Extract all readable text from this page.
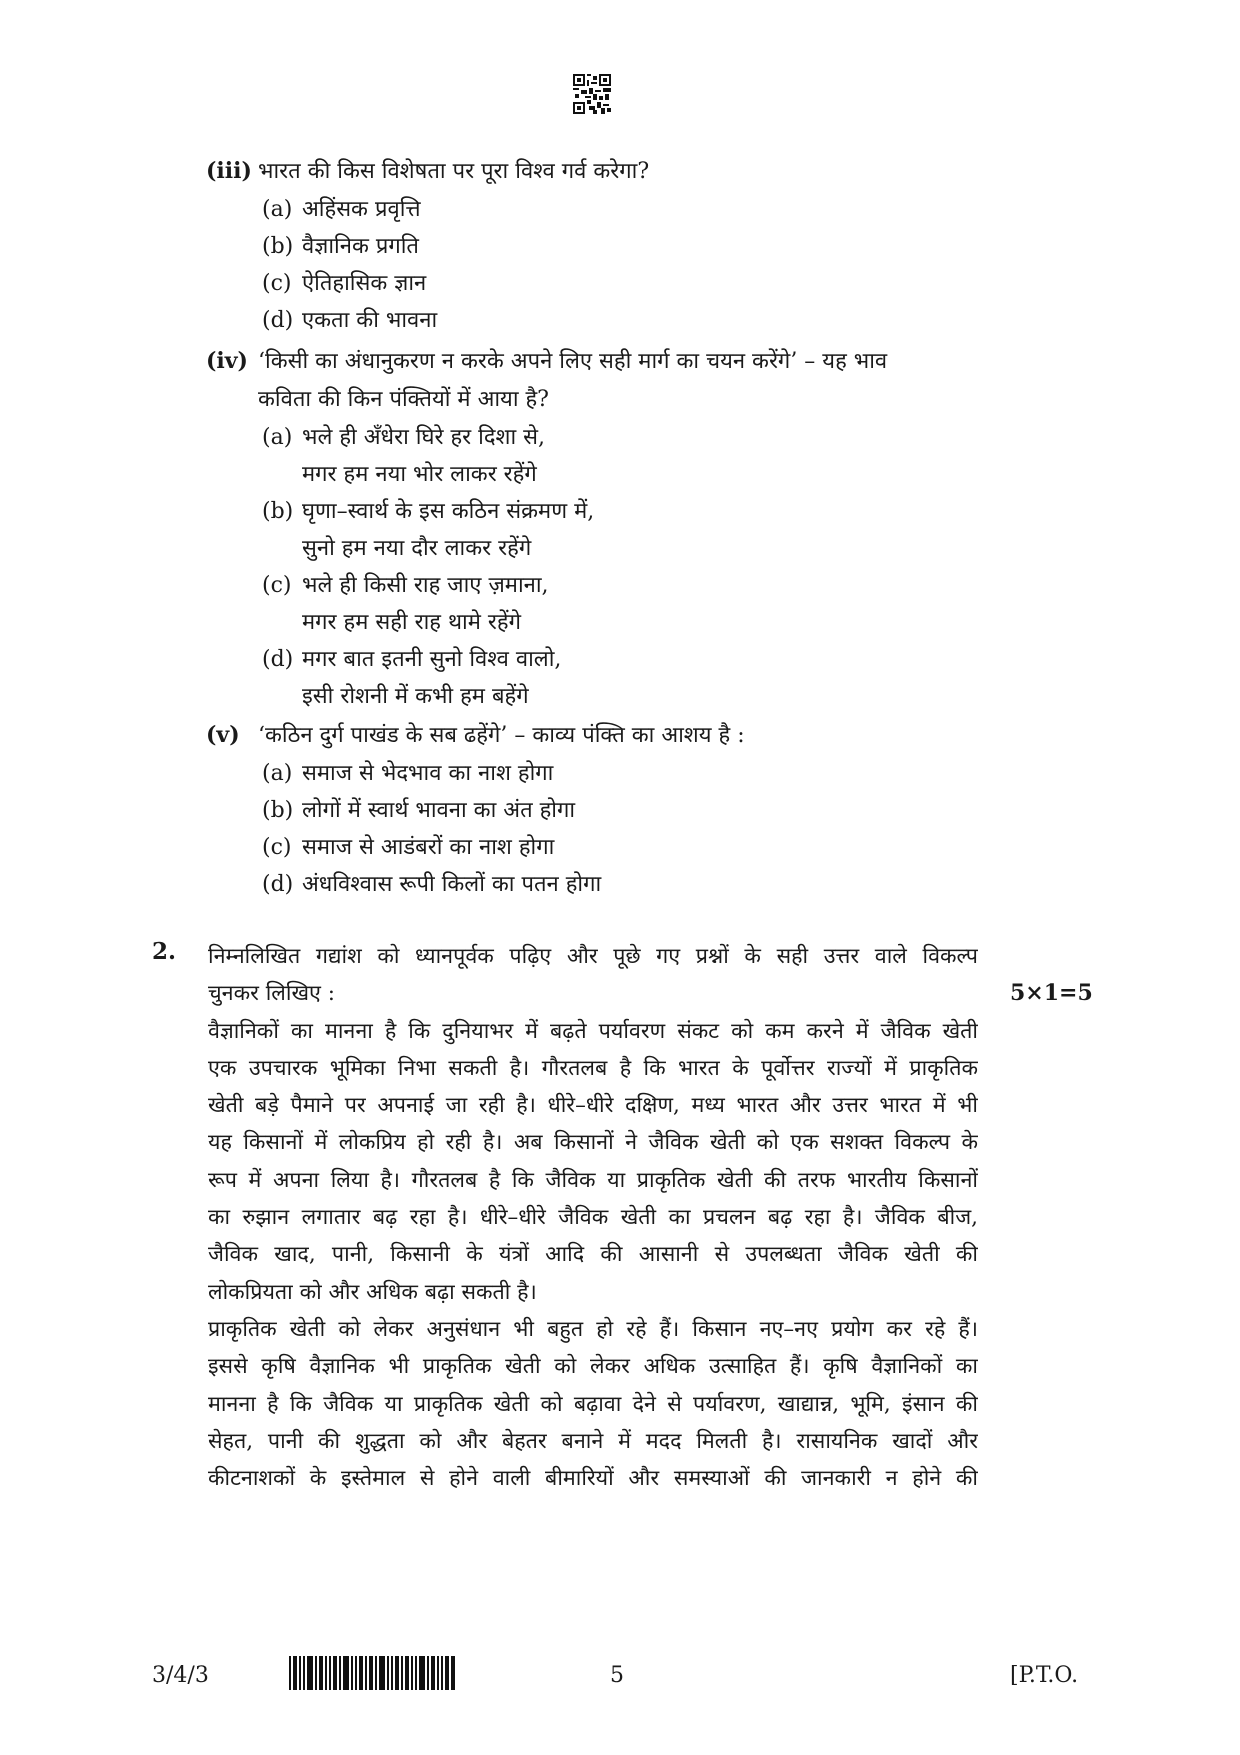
(iii) भारत की किस विशेषता पर पूरा विश्व गर्व करेगा?
(a) अहिंसक प्रवृत्ति
(b) वैज्ञानिक प्रगति
(c) ऐतिहासिक ज्ञान
(d) एकता की भावना
(iv) ‘किसी का अंधानुकरण न करके अपने लिए सही मार्ग का चयन करेंगे’ – यह भाव
कविता की किन पंक्तियों में आया है?
(a) भले ही अँधेरा घिरे हर दिशा से,
मगर हम नया भोर लाकर रहेंगे
(b) घृणा–स्वार्थ के इस कठिन संक्रमण में,
सुनो हम नया दौर लाकर रहेंगे
(c) भले ही किसी राह जाए ज़माना,
मगर हम सही राह थामे रहेंगे
(d) मगर बात इतनी सुनो विश्व वालो,
इसी रोशनी में कभी हम बहेंगे
(v) ‘कठिन दुर्ग पाखंड के सब ढहेंगे’ – काव्य पंक्ति का आशय है :
(a) समाज से भेदभाव का नाश होगा
(b) लोगों में स्वार्थ भावना का अंत होगा
(c) समाज से आडंबरों का नाश होगा
(d) अंधविश्वास रूपी किलों का पतन होगा
2.
5×1=5
निम्नलिखित गद्यांश को ध्यानपूर्वक पढ़िए और पूछे गए प्रश्नों के सही उत्तर वाले विकल्प
चुनकर लिखिए :
वैज्ञानिकों का मानना है कि दुनियाभर में बढ़ते पर्यावरण संकट को कम करने में जैविक खेती
एक उपचारक भूमिका निभा सकती है। गौरतलब है कि भारत के पूर्वोत्तर राज्यों में प्राकृतिक
खेती बड़े पैमाने पर अपनाई जा रही है। धीरे–धीरे दक्षिण, मध्य भारत और उत्तर भारत में भी
यह किसानों में लोकप्रिय हो रही है। अब किसानों ने जैविक खेती को एक सशक्त विकल्प के
रूप में अपना लिया है। गौरतलब है कि जैविक या प्राकृतिक खेती की तरफ भारतीय किसानों
का रुझान लगातार बढ़ रहा है। धीरे–धीरे जैविक खेती का प्रचलन बढ़ रहा है। जैविक बीज,
जैविक खाद, पानी, किसानी के यंत्रों आदि की आसानी से उपलब्धता जैविक खेती की
लोकप्रियता को और अधिक बढ़ा सकती है।
प्राकृतिक खेती को लेकर अनुसंधान भी बहुत हो रहे हैं। किसान नए–नए प्रयोग कर रहे हैं।
इससे कृषि वैज्ञानिक भी प्राकृतिक खेती को लेकर अधिक उत्साहित हैं। कृषि वैज्ञानिकों का
मानना है कि जैविक या प्राकृतिक खेती को बढ़ावा देने से पर्यावरण, खाद्यान्न, भूमि, इंसान की
सेहत, पानी की शुद्धता को और बेहतर बनाने में मदद मिलती है। रासायनिक खादों और
कीटनाशकों के इस्तेमाल से होने वाली बीमारियों और समस्याओं की जानकारी न होने की
3/4/3	5	[P.T.O.
